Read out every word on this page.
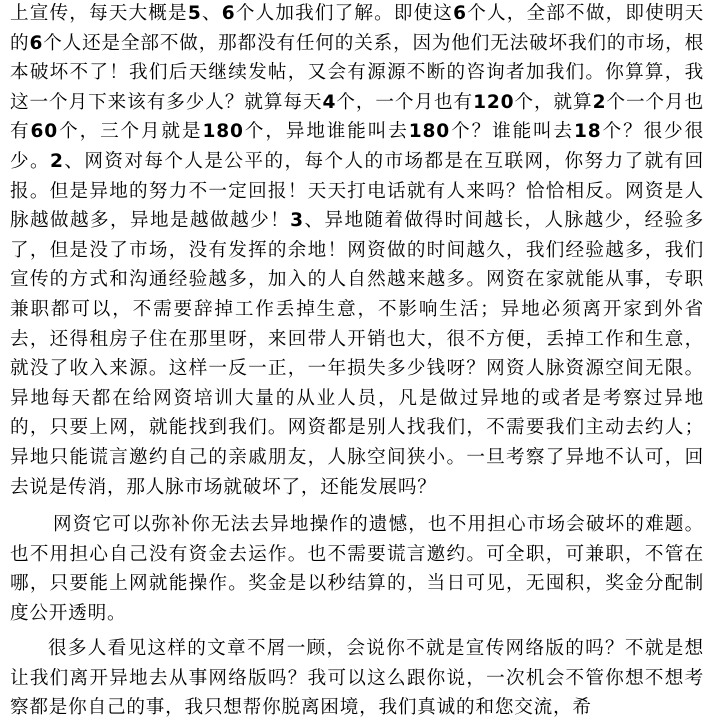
上宣传，每天大概是5、6个人加我们了解。即使这6个人，全部不做，即使明天的6个人还是全部不做，那都没有任何的关系，因为他们无法破坏我们的市场，根本破坏不了！我们后天继续发帖，又会有源源不断的咨询者加我们。你算算，我这一个月下来该有多少人？就算每天4个，一个月也有120个，就算2个一个月也有60个，三个月就是180个，异地谁能叫去180个？谁能叫去18个？很少很少。2、网资对每个人是公平的，每个人的市场都是在互联网，你努力了就有回报。但是异地的努力不一定回报！天天打电话就有人来吗？恰恰相反。网资是人脉越做越多，异地是越做越少！3、异地随着做得时间越长，人脉越少，经验多了，但是没了市场，没有发挥的余地！网资做的时间越久，我们经验越多，我们宣传的方式和沟通经验越多，加入的人自然越来越多。网资在家就能从事，专职兼职都可以，不需要辞掉工作丢掉生意，不影响生活；异地必须离开家到外省去，还得租房子住在那里呀，来回带人开销也大，很不方便，丢掉工作和生意，就没了收入来源。这样一反一正，一年损失多少钱呀？网资人脉资源空间无限。异地每天都在给网资培训大量的从业人员，凡是做过异地的或者是考察过异地的，只要上网，就能找到我们。网资都是别人找我们，不需要我们主动去约人；异地只能谎言邀约自己的亲戚朋友，人脉空间狭小。一旦考察了异地不认可，回去说是传消，那人脉市场就破坏了，还能发展吗？

网资它可以弥补你无法去异地操作的遗憾，也不用担心市场会破坏的难题。也不用担心自己没有资金去运作。也不需要谎言邀约。可全职，可兼职，不管在哪，只要能上网就能操作。奖金是以秒结算的，当日可见，无囤积，奖金分配制度公开透明。

很多人看见这样的文章不屑一顾，会说你不就是宣传网络版的吗？不就是想让我们离开异地去从事网络版吗？我可以这么跟你说，一次机会不管你想不想考察都是你自己的事，我只想帮你脱离困境，我们真诚的和您交流，希
